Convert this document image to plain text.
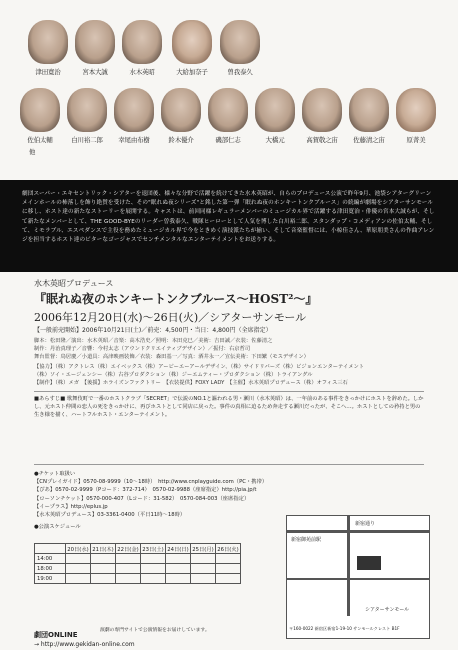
津田寛治	宮本大誠	水木英昭	大給加奈子	曽我泰久
佐伯太輔	白川裕二郎	幸尾由布樹	鈴木優介	磯部仁志	大橋元	高賀敬之宙	佐藤清之宙	原菁美
他

劇団スーパー・エキセントリック・シアターを退団後、様々な分野で活躍を続けてきた水木英昭が、自らのプロデュース公演で昨年9月、池袋シアターグリーンメインホールの杮落しを飾り絶賛を受けた、その"眠れぬ夜シリーズ"と銘した第一弾「眠れぬ夜のホンキートンクブルース」の続編が劇場をシアターサンモールに移し、ホスト達の新たなストーリーを展開する。キャストは、前回同様レギュラーメンバーのミュージカル界で活躍する津田寛治・俳優の宮本大誠らが、そして新たなメンバーとして、THE GOOD-BYEのリーダー曽我泰久、戦隊ヒーローとして人気を博した白川裕二郎、スタンダップ・コメディアンの佐伯太輔、そして、ミモラブル、エスペダンスで主役を務めたミュージカル界で今をときめく演技派たちが揃い、そして音楽監督には、小椋佳さん、華原朋美さんの作曲アレンジを担当するホスト達のビターなゴージャスでセンチメンタルなエンターテイメントをお送りする。

水木英昭プロデュース
『眠れぬ夜のホンキートンクブルース〜HOST²〜』
2006年12月20日(水)〜26日(火)／シアターサンモール
【一般前売開始】2006年10月21日(土)／前売：4,500円・当日：4,800円（全席指定）
脚本：松田隆／演出：水木英昭／音楽：高木浩史／照明：本田克巳／美術：吉田誠／衣装：佐藤清之
制作：丹治真理子／音響：今村太志（アウンドクリエイティブデザイン）／振付：右京哲司
舞台監督：鳥居慶／小道具：高津映画装飾／衣装：森田基一／写真：酒井永一／宣伝美術：下田繁（モスデザイン）
【協力】（株）アクトレス（株）エイベックス（株）アービーエーアールデザイン、（株）サイドリバーズ（株）ビジョンエンターテイメント
（株）ソイ・エージェンシー（株）古谷プロダクション（株）ジーエムティー・プロダクション（株）トライアングル
【制作】（株）メガ　【後援】ホライズンファクトリー　【衣装提供】FOXY LADY　【主催】水木英昭プロデュース（株）オフィス三石
■あらすじ■ 歌舞伎町で一番のホストクラブ「SECRET」で伝説のNO.1と謳われる男・瀬川（水木英昭）は、一年前のある事件をきっかけにホストを辞めた。しかし、元ホスト仲間の恋人の死をきっかけに、再びホストとして同店に戻った。事件の真相に迫るため奔走する瀬川だったが、そこへ…。ホストとしての矜持と男の生き様を描く、ハートフルホスト・エンターテイメント。
●チケット取扱い
【CNプレイガイド】0570-08-9999（10〜18時）　http://www.cnplayguide.com（PC・携帯）
【ぴあ】0570-02-9999（Pコード：372-714）　0570-02-9988（座席指定）http://pia.jp/t
【ローソンチケット】0570-000-407（Lコード：31-582）　0570-084-003（座席指定）
【イープラス】http://eplus.jp
【水木英昭プロデュース】03-3361-0400（平日11時〜18時）
●公演スケジュール
	20日(水)	21日(木)	22日(金)	23日(土)	24日(日)	25日(月)	26日(火)
14:00							
18:00							
19:00							
新宿通り
新宿御苑前駅
シアターサンモール
〒160-0022 新宿区新宿1-19-10 サンモールクレスト B1F
劇団ONLINE
演劇の専門サイトで公演情報をお届けしています。
→ http://www.gekidan-online.com
